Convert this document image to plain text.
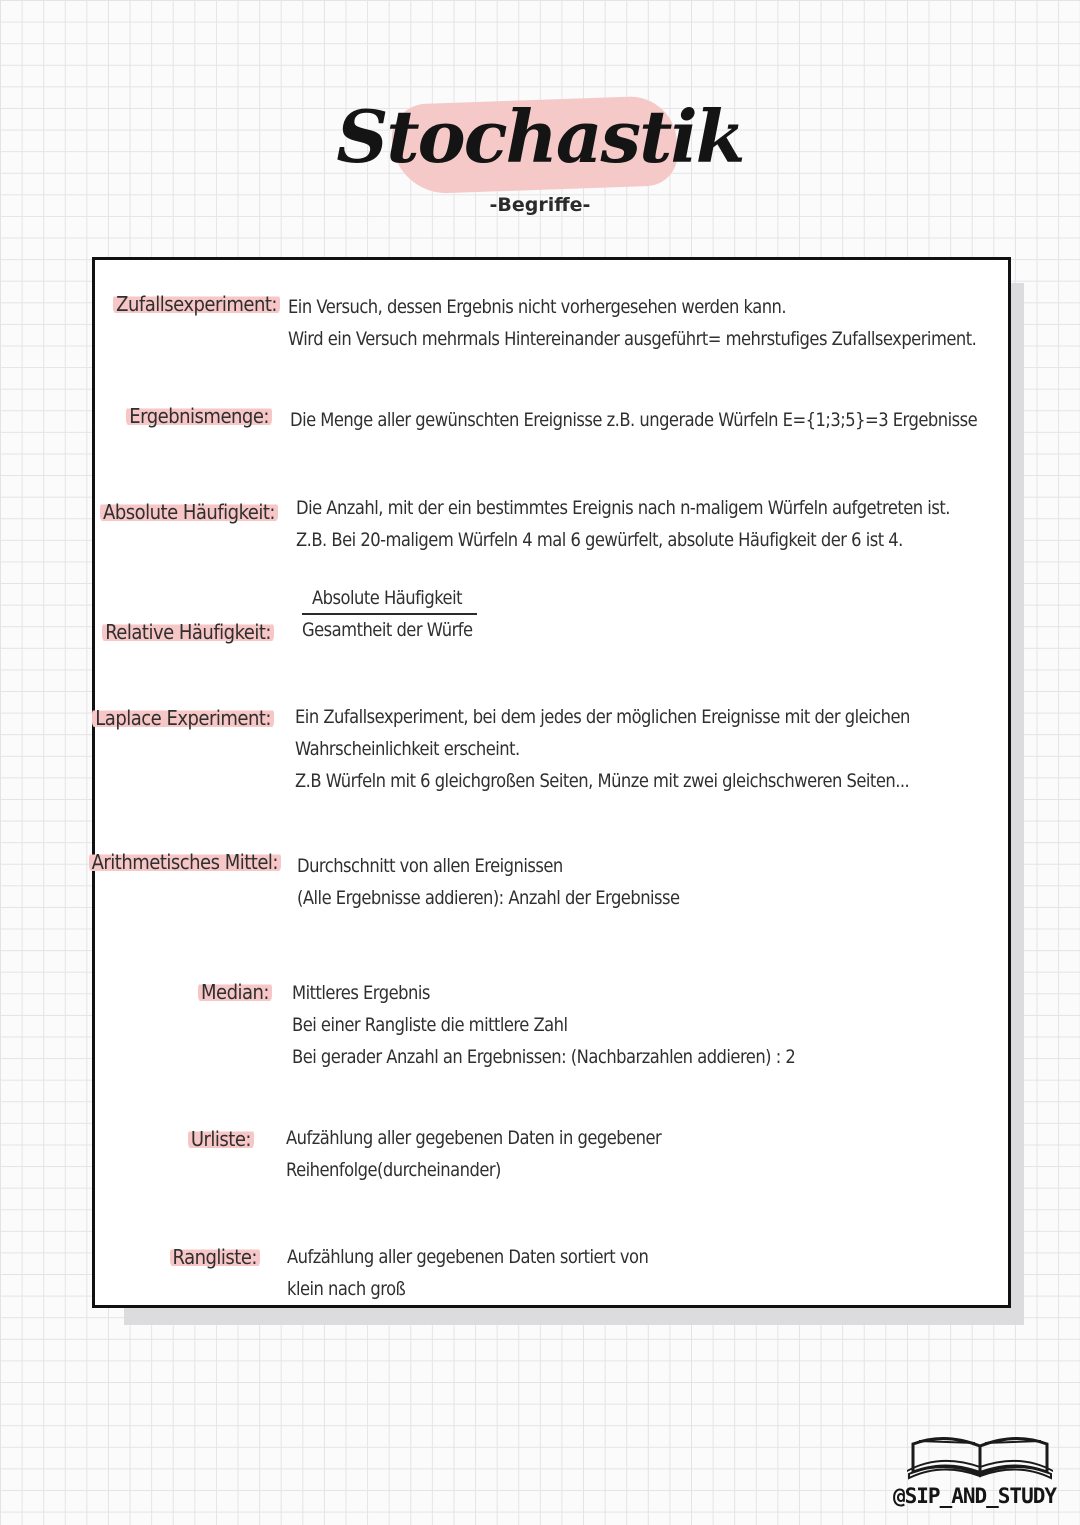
Stochastik
-Begriffe-
Zufallsexperiment: Ein Versuch, dessen Ergebnis nicht vorhergesehen werden kann.
Wird ein Versuch mehrmals Hintereinander ausgeführt= mehrstufiges Zufallsexperiment.
Ergebnismenge: Die Menge aller gewünschten Ereignisse z.B. ungerade Würfeln E={1;3;5}=3 Ergebnisse
Absolute Häufigkeit: Die Anzahl, mit der ein bestimmtes Ereignis nach n-maligem Würfeln aufgetreten ist.
Z.B. Bei 20-maligem Würfeln 4 mal 6 gewürfelt, absolute Häufigkeit der 6 ist 4.
Relative Häufigkeit:
Absolute Häufigkeit
Gesamtheit der Würfe
Laplace Experiment: Ein Zufallsexperiment, bei dem jedes der möglichen Ereignisse mit der gleichen
Wahrscheinlichkeit erscheint.
Z.B Würfeln mit 6 gleichgroßen Seiten, Münze mit zwei gleichschweren Seiten...
Arithmetisches Mittel: Durchschnitt von allen Ereignissen
(Alle Ergebnisse addieren): Anzahl der Ergebnisse
Median: Mittleres Ergebnis
Bei einer Rangliste die mittlere Zahl
Bei gerader Anzahl an Ergebnissen: (Nachbarzahlen addieren) : 2
Urliste: Aufzählung aller gegebenen Daten in gegebener
Reihenfolge(durcheinander)
Rangliste: Aufzählung aller gegebenen Daten sortiert von
klein nach groß
@SIP_AND_STUDY
